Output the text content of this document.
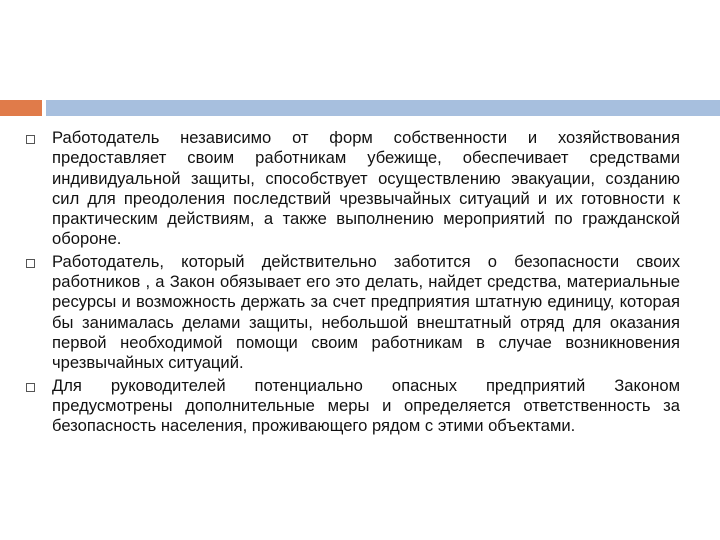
Работодатель независимо от форм собственности и хозяйствования предоставляет своим работникам убежище, обеспечивает средствами индивидуальной защиты, способствует осуществлению эвакуации, созданию сил для преодоления последствий чрезвычайных ситуаций и их готовности к практическим действиям, а также выполнению мероприятий по гражданской обороне.
Работодатель, который действительно заботится о безопасности своих работников , а Закон обязывает его это делать, найдет средства, материальные ресурсы и возможность держать за счет предприятия штатную единицу, которая бы занималась делами защиты, небольшой внештатный отряд для оказания первой необходимой помощи своим работникам в случае возникновения чрезвычайных ситуаций.
Для руководителей потенциально опасных предприятий Законом предусмотрены дополнительные меры и определяется ответственность за безопасность населения, проживающего рядом с этими объектами.
